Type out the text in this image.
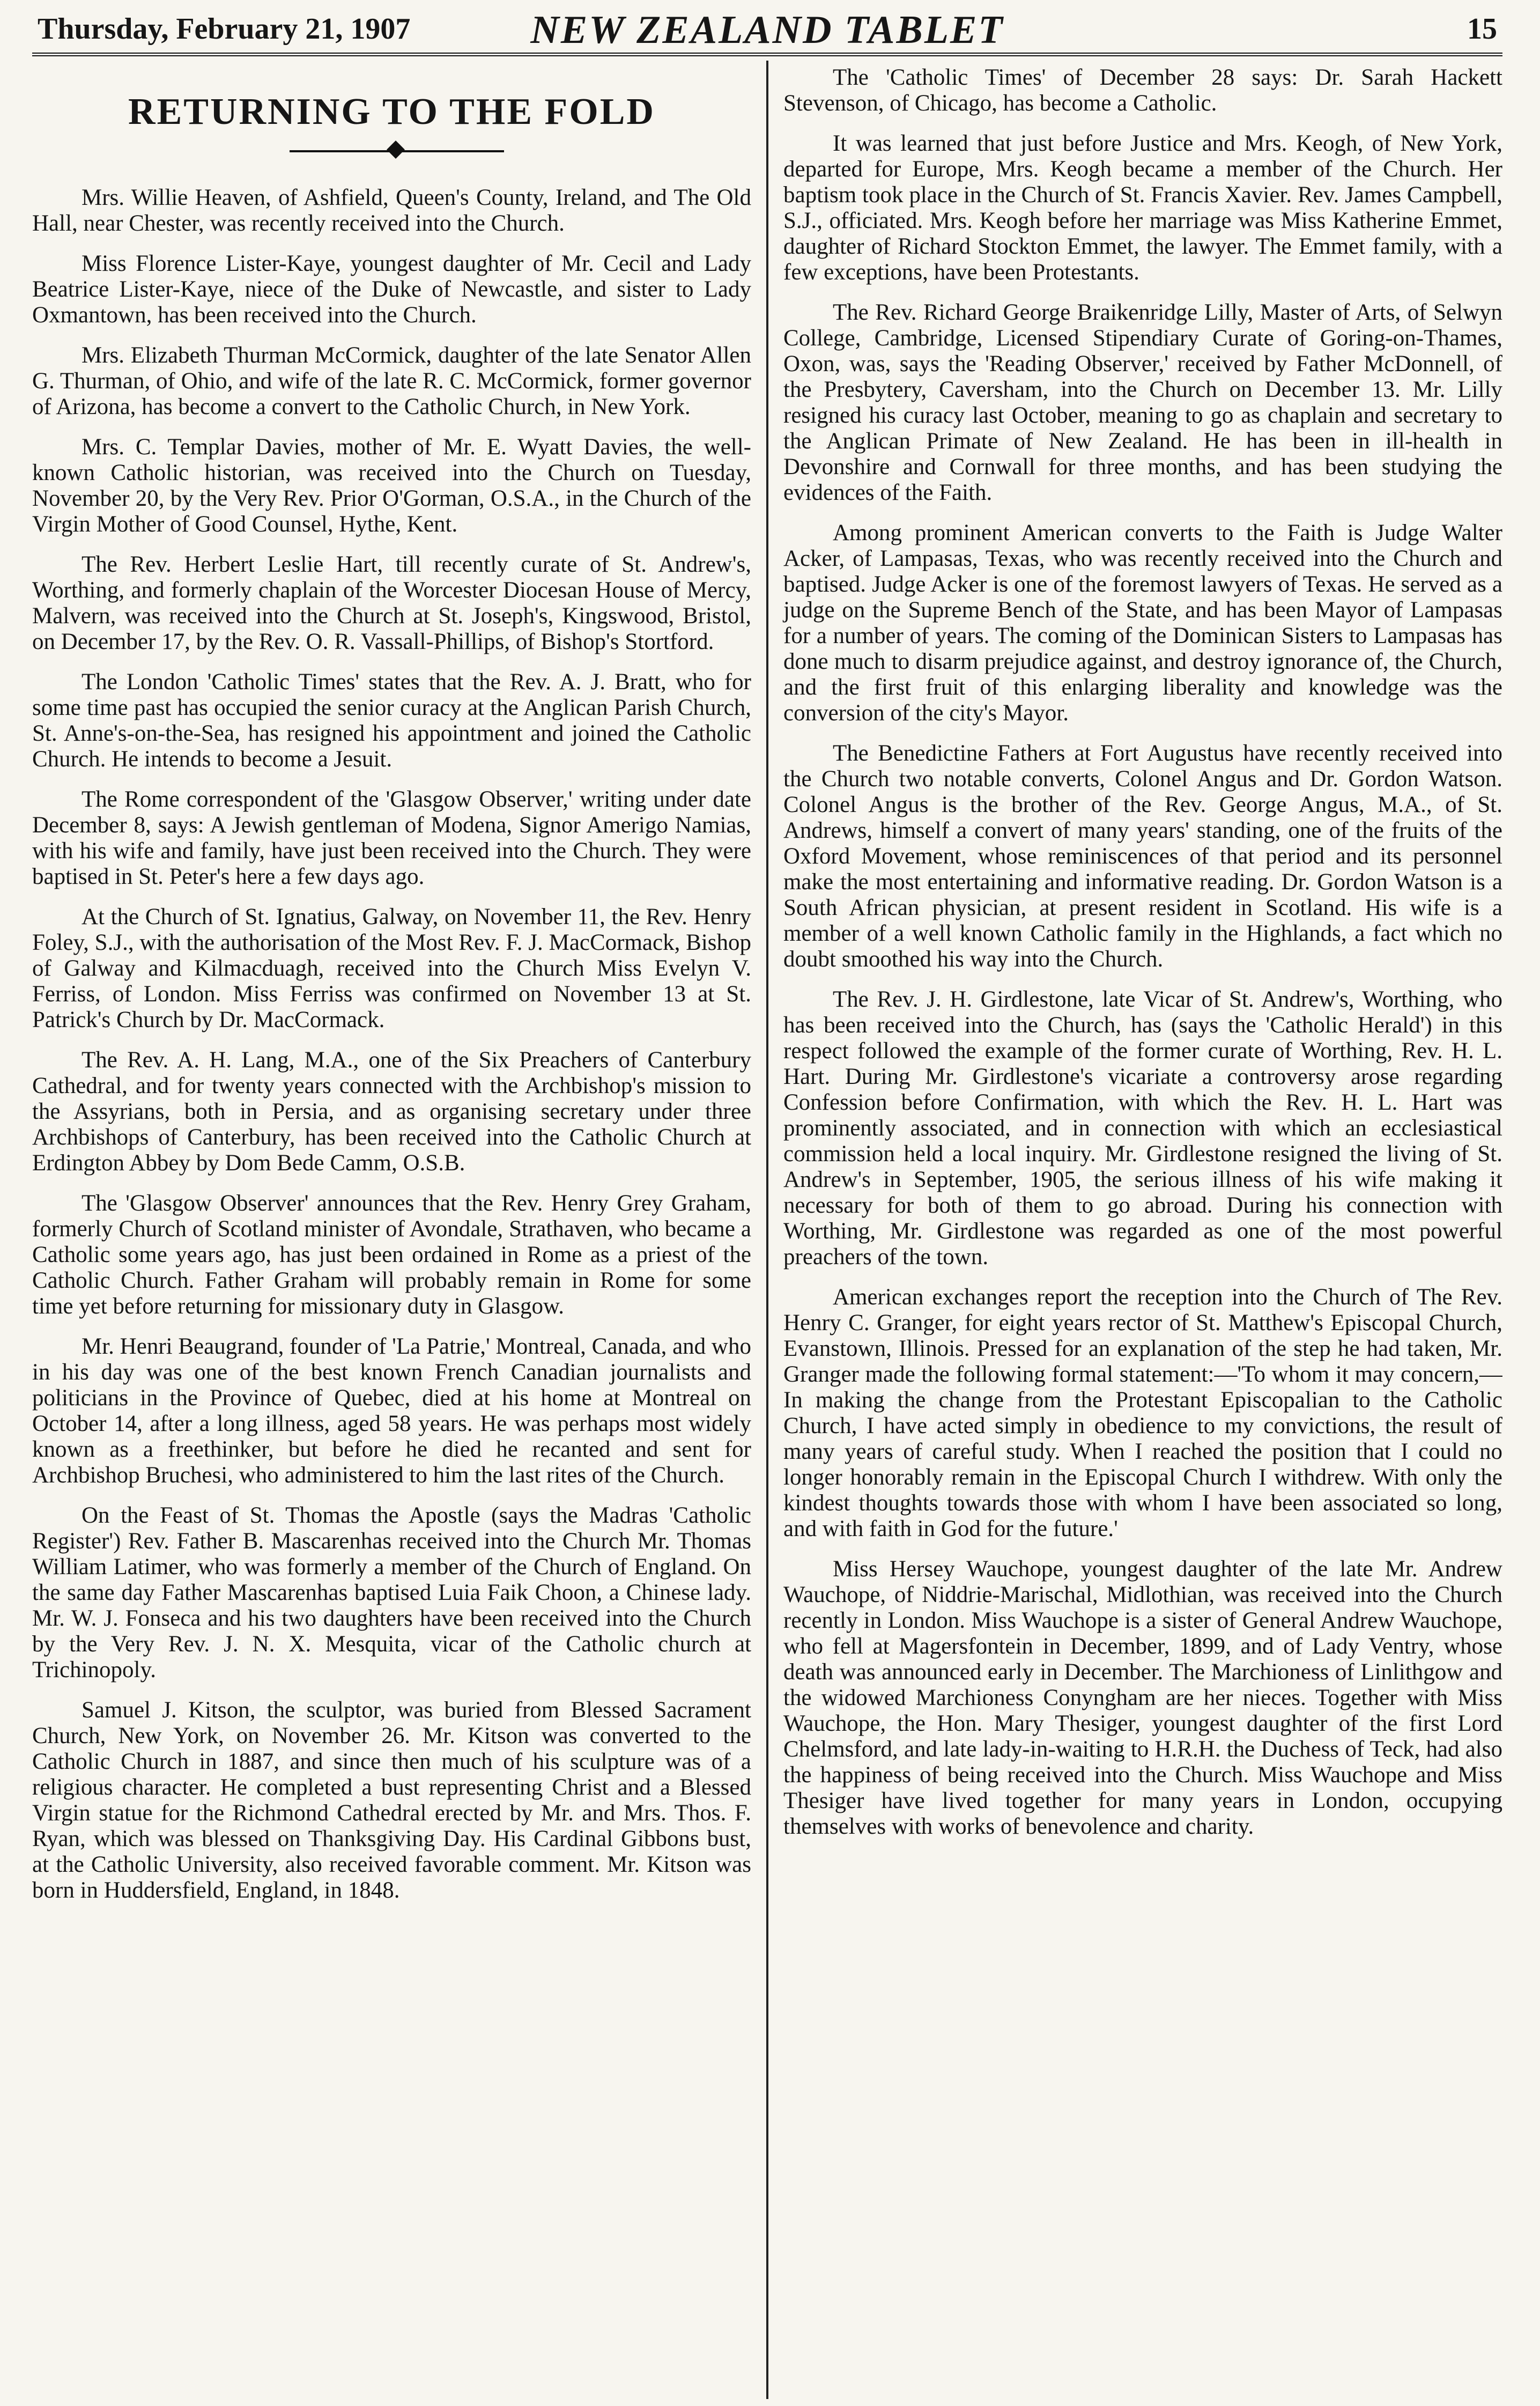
Thursday, February 21, 1907	NEW ZEALAND TABLET	15
RETURNING TO THE FOLD

Mrs. Willie Heaven, of Ashfield, Queen's County, Ireland, and The Old Hall, near Chester, was recently received into the Church.

Miss Florence Lister-Kaye, youngest daughter of Mr. Cecil and Lady Beatrice Lister-Kaye, niece of the Duke of Newcastle, and sister to Lady Oxmantown, has been received into the Church.

Mrs. Elizabeth Thurman McCormick, daughter of the late Senator Allen G. Thurman, of Ohio, and wife of the late R. C. McCormick, former governor of Arizona, has become a convert to the Catholic Church, in New York.

Mrs. C. Templar Davies, mother of Mr. E. Wyatt Davies, the well-known Catholic historian, was received into the Church on Tuesday, November 20, by the Very Rev. Prior O'Gorman, O.S.A., in the Church of the Virgin Mother of Good Counsel, Hythe, Kent.

The Rev. Herbert Leslie Hart, till recently curate of St. Andrew's, Worthing, and formerly chaplain of the Worcester Diocesan House of Mercy, Malvern, was received into the Church at St. Joseph's, Kingswood, Bristol, on December 17, by the Rev. O. R. Vassall-Phillips, of Bishop's Stortford.

The London 'Catholic Times' states that the Rev. A. J. Bratt, who for some time past has occupied the senior curacy at the Anglican Parish Church, St. Anne's-on-the-Sea, has resigned his appointment and joined the Catholic Church. He intends to become a Jesuit.

The Rome correspondent of the 'Glasgow Observer,' writing under date December 8, says: A Jewish gentleman of Modena, Signor Amerigo Namias, with his wife and family, have just been received into the Church. They were baptised in St. Peter's here a few days ago.

At the Church of St. Ignatius, Galway, on November 11, the Rev. Henry Foley, S.J., with the authorisation of the Most Rev. F. J. MacCormack, Bishop of Galway and Kilmacduagh, received into the Church Miss Evelyn V. Ferriss, of London. Miss Ferriss was confirmed on November 13 at St. Patrick's Church by Dr. MacCormack.

The Rev. A. H. Lang, M.A., one of the Six Preachers of Canterbury Cathedral, and for twenty years connected with the Archbishop's mission to the Assyrians, both in Persia, and as organising secretary under three Archbishops of Canterbury, has been received into the Catholic Church at Erdington Abbey by Dom Bede Camm, O.S.B.

The 'Glasgow Observer' announces that the Rev. Henry Grey Graham, formerly Church of Scotland minister of Avondale, Strathaven, who became a Catholic some years ago, has just been ordained in Rome as a priest of the Catholic Church. Father Graham will probably remain in Rome for some time yet before returning for missionary duty in Glasgow.

Mr. Henri Beaugrand, founder of 'La Patrie,' Montreal, Canada, and who in his day was one of the best known French Canadian journalists and politicians in the Province of Quebec, died at his home at Montreal on October 14, after a long illness, aged 58 years. He was perhaps most widely known as a freethinker, but before he died he recanted and sent for Archbishop Bruchesi, who administered to him the last rites of the Church.

On the Feast of St. Thomas the Apostle (says the Madras 'Catholic Register') Rev. Father B. Mascarenhas received into the Church Mr. Thomas William Latimer, who was formerly a member of the Church of England. On the same day Father Mascarenhas baptised Luia Faik Choon, a Chinese lady. Mr. W. J. Fonseca and his two daughters have been received into the Church by the Very Rev. J. N. X. Mesquita, vicar of the Catholic church at Trichinopoly.

Samuel J. Kitson, the sculptor, was buried from Blessed Sacrament Church, New York, on November 26. Mr. Kitson was converted to the Catholic Church in 1887, and since then much of his sculpture was of a religious character. He completed a bust representing Christ and a Blessed Virgin statue for the Richmond Cathedral erected by Mr. and Mrs. Thos. F. Ryan, which was blessed on Thanksgiving Day. His Cardinal Gibbons bust, at the Catholic University, also received favorable comment. Mr. Kitson was born in Huddersfield, England, in 1848.

The 'Catholic Times' of December 28 says: Dr. Sarah Hackett Stevenson, of Chicago, has become a Catholic.

It was learned that just before Justice and Mrs. Keogh, of New York, departed for Europe, Mrs. Keogh became a member of the Church. Her baptism took place in the Church of St. Francis Xavier. Rev. James Campbell, S.J., officiated. Mrs. Keogh before her marriage was Miss Katherine Emmet, daughter of Richard Stockton Emmet, the lawyer. The Emmet family, with a few exceptions, have been Protestants.

The Rev. Richard George Braikenridge Lilly, Master of Arts, of Selwyn College, Cambridge, Licensed Stipendiary Curate of Goring-on-Thames, Oxon, was, says the 'Reading Observer,' received by Father McDonnell, of the Presbytery, Caversham, into the Church on December 13. Mr. Lilly resigned his curacy last October, meaning to go as chaplain and secretary to the Anglican Primate of New Zealand. He has been in ill-health in Devonshire and Cornwall for three months, and has been studying the evidences of the Faith.

Among prominent American converts to the Faith is Judge Walter Acker, of Lampasas, Texas, who was recently received into the Church and baptised. Judge Acker is one of the foremost lawyers of Texas. He served as a judge on the Supreme Bench of the State, and has been Mayor of Lampasas for a number of years. The coming of the Dominican Sisters to Lampasas has done much to disarm prejudice against, and destroy ignorance of, the Church, and the first fruit of this enlarging liberality and knowledge was the conversion of the city's Mayor.

The Benedictine Fathers at Fort Augustus have recently received into the Church two notable converts, Colonel Angus and Dr. Gordon Watson. Colonel Angus is the brother of the Rev. George Angus, M.A., of St. Andrews, himself a convert of many years' standing, one of the fruits of the Oxford Movement, whose reminiscences of that period and its personnel make the most entertaining and informative reading. Dr. Gordon Watson is a South African physician, at present resident in Scotland. His wife is a member of a well known Catholic family in the Highlands, a fact which no doubt smoothed his way into the Church.

The Rev. J. H. Girdlestone, late Vicar of St. Andrew's, Worthing, who has been received into the Church, has (says the 'Catholic Herald') in this respect followed the example of the former curate of Worthing, Rev. H. L. Hart. During Mr. Girdlestone's vicariate a controversy arose regarding Confession before Confirmation, with which the Rev. H. L. Hart was prominently associated, and in connection with which an ecclesiastical commission held a local inquiry. Mr. Girdlestone resigned the living of St. Andrew's in September, 1905, the serious illness of his wife making it necessary for both of them to go abroad. During his connection with Worthing, Mr. Girdlestone was regarded as one of the most powerful preachers of the town.

American exchanges report the reception into the Church of The Rev. Henry C. Granger, for eight years rector of St. Matthew's Episcopal Church, Evanstown, Illinois. Pressed for an explanation of the step he had taken, Mr. Granger made the following formal statement:—'To whom it may concern,—In making the change from the Protestant Episcopalian to the Catholic Church, I have acted simply in obedience to my convictions, the result of many years of careful study. When I reached the position that I could no longer honorably remain in the Episcopal Church I withdrew. With only the kindest thoughts towards those with whom I have been associated so long, and with faith in God for the future.'

Miss Hersey Wauchope, youngest daughter of the late Mr. Andrew Wauchope, of Niddrie-Marischal, Midlothian, was received into the Church recently in London. Miss Wauchope is a sister of General Andrew Wauchope, who fell at Magersfontein in December, 1899, and of Lady Ventry, whose death was announced early in December. The Marchioness of Linlithgow and the widowed Marchioness Conyngham are her nieces. Together with Miss Wauchope, the Hon. Mary Thesiger, youngest daughter of the first Lord Chelmsford, and late lady-in-waiting to H.R.H. the Duchess of Teck, had also the happiness of being received into the Church. Miss Wauchope and Miss Thesiger have lived together for many years in London, occupying themselves with works of benevolence and charity.
